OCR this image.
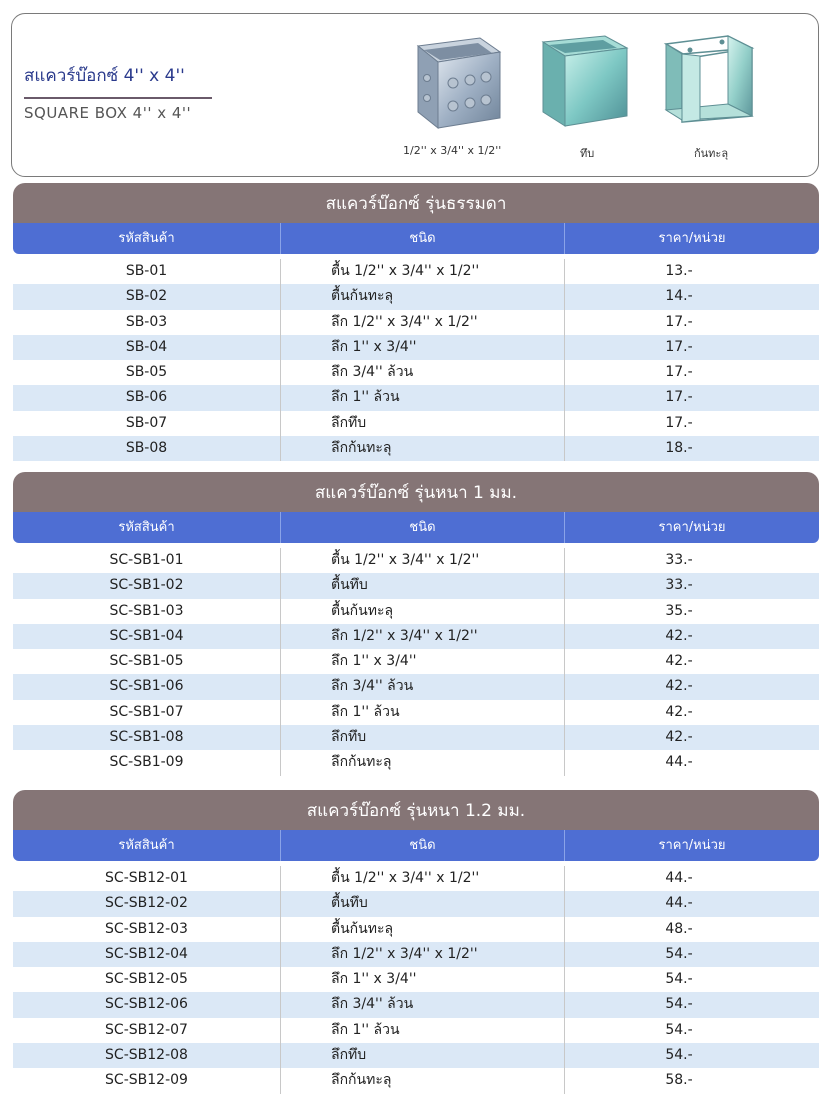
สแควร์บ๊อกซ์ 4'' x 4''
SQUARE BOX 4'' x 4''
1/2'' x 3/4'' x 1/2''	ทึบ	ก้นทะลุ
สแควร์บ๊อกซ์ รุ่นธรรมดา
รหัสสินค้า	ชนิด	ราคา/หน่วย
SB-01	ตื้น 1/2'' x 3/4'' x 1/2''	13.-
SB-02	ตื้นก้นทะลุ	14.-
SB-03	ลึก 1/2'' x 3/4'' x 1/2''	17.-
SB-04	ลึก 1'' x 3/4''	17.-
SB-05	ลึก 3/4'' ล้วน	17.-
SB-06	ลึก 1'' ล้วน	17.-
SB-07	ลึกทึบ	17.-
SB-08	ลึกก้นทะลุ	18.-
สแควร์บ๊อกซ์ รุ่นหนา 1 มม.
รหัสสินค้า	ชนิด	ราคา/หน่วย
SC-SB1-01	ตื้น 1/2'' x 3/4'' x 1/2''	33.-
SC-SB1-02	ตื้นทึบ	33.-
SC-SB1-03	ตื้นก้นทะลุ	35.-
SC-SB1-04	ลึก 1/2'' x 3/4'' x 1/2''	42.-
SC-SB1-05	ลึก 1'' x 3/4''	42.-
SC-SB1-06	ลึก 3/4'' ล้วน	42.-
SC-SB1-07	ลึก 1'' ล้วน	42.-
SC-SB1-08	ลึกทึบ	42.-
SC-SB1-09	ลึกก้นทะลุ	44.-
สแควร์บ๊อกซ์ รุ่นหนา 1.2 มม.
รหัสสินค้า	ชนิด	ราคา/หน่วย
SC-SB12-01	ตื้น 1/2'' x 3/4'' x 1/2''	44.-
SC-SB12-02	ตื้นทึบ	44.-
SC-SB12-03	ตื้นก้นทะลุ	48.-
SC-SB12-04	ลึก 1/2'' x 3/4'' x 1/2''	54.-
SC-SB12-05	ลึก 1'' x 3/4''	54.-
SC-SB12-06	ลึก 3/4'' ล้วน	54.-
SC-SB12-07	ลึก 1'' ล้วน	54.-
SC-SB12-08	ลึกทึบ	54.-
SC-SB12-09	ลึกก้นทะลุ	58.-
